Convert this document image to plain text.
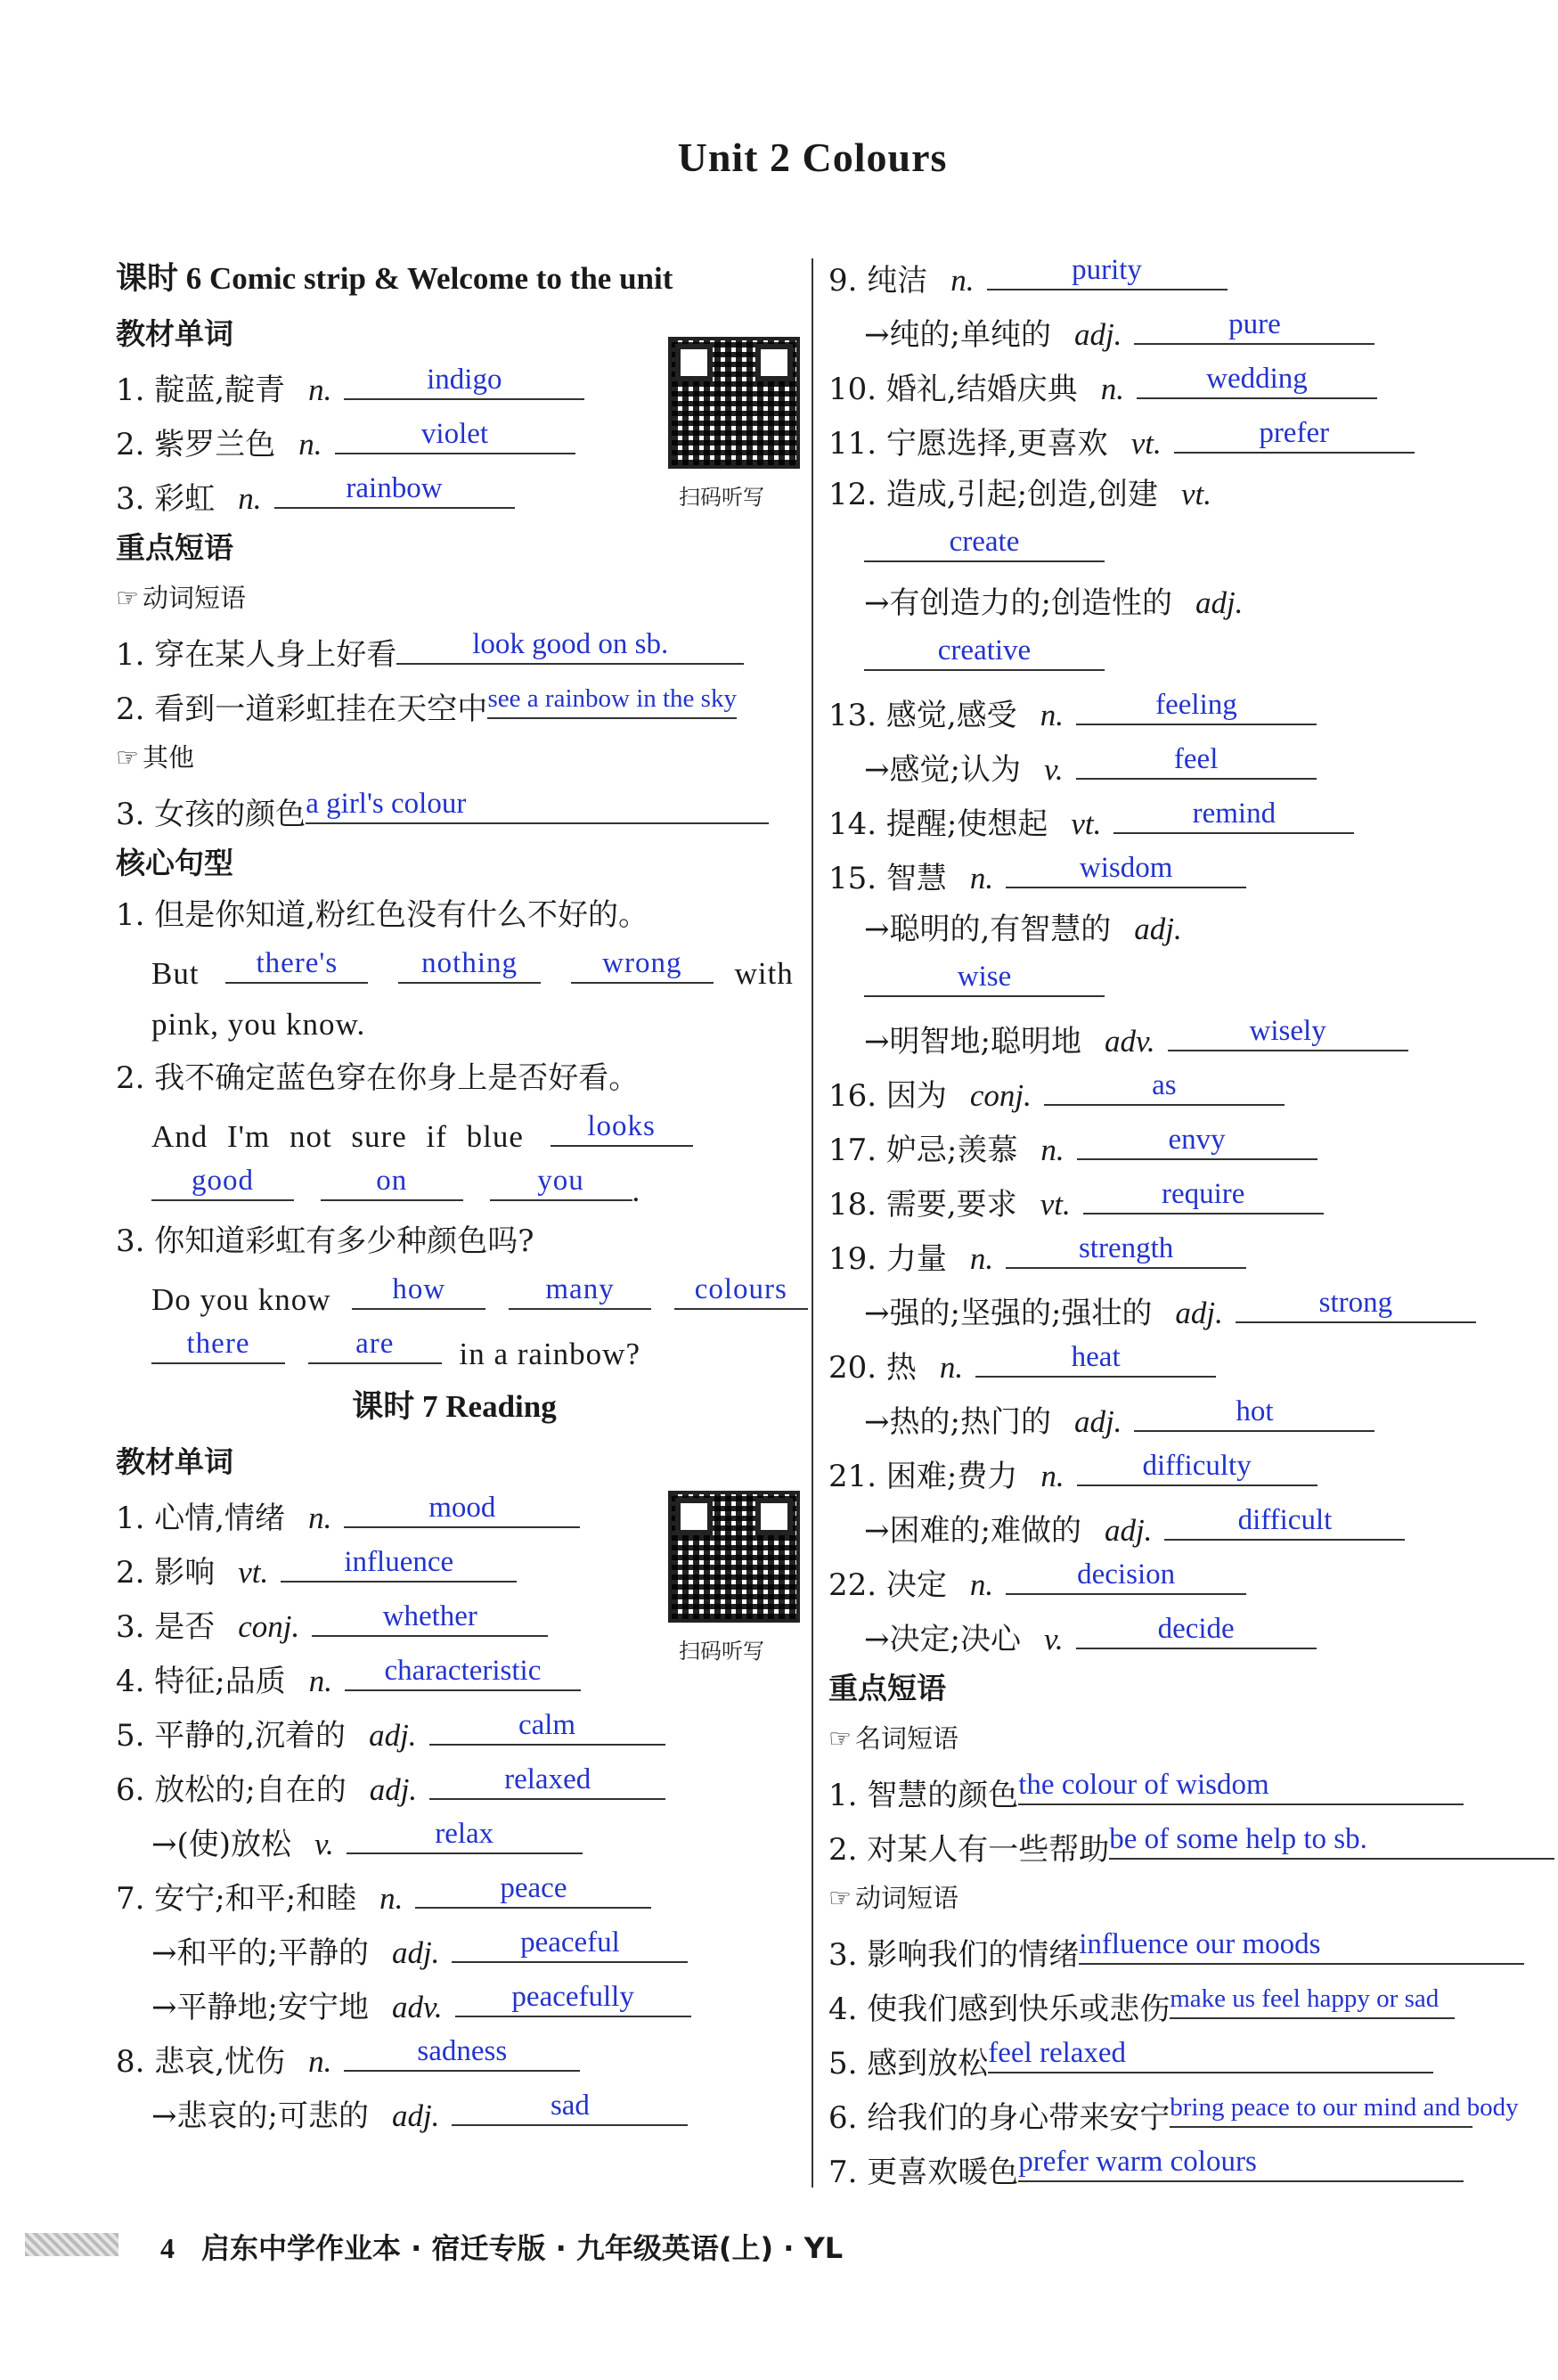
Unit 2 Colours
课时 6 Comic strip & Welcome to the unit
教材单词
1. 靛蓝,靛青 n.	indigo
2. 紫罗兰色 n.	violet
3. 彩虹 n.	rainbow
重点短语
☞ 动词短语
1. 穿在某人身上好看	look good on sb.
2. 看到一道彩虹挂在天空中 see a rainbow in the sky
☞ 其他
3. 女孩的颜色 a girl's colour
核心句型
1. 但是你知道,粉红色没有什么不好的。
But	there's
	nothing
	wrong	with
pink, you know.
2. 我不确定蓝色穿在你身上是否好看。
And I'm not sure if blue	looks
good
	on
	you	.
3. 你知道彩虹有多少种颜色吗?
Do you know	how
	many
	colours
there
	are	in a rainbow?
课时 7 Reading
教材单词
1. 心情,情绪 n.	mood
2. 影响 vt.	influence
3. 是否 conj.	whether
4. 特征;品质 n.	characteristic
5. 平静的,沉着的 adj.	calm
6. 放松的;自在的 adj.	relaxed
→(使)放松 v.	relax
7. 安宁;和平;和睦 n.	peace
→和平的;平静的 adj.	peaceful
→平静地;安宁地 adv.	peacefully
8. 悲哀,忧伤 n.	sadness
→悲哀的;可悲的 adj.	sad
扫码听写
扫码听写
9. 纯洁 n.	purity
→纯的;单纯的 adj.	pure
10. 婚礼,结婚庆典 n.	wedding
11. 宁愿选择,更喜欢 vt.	prefer
12. 造成,引起;创造,创建 vt.
create
→有创造力的;创造性的 adj.
creative
13. 感觉,感受 n.	feeling
→感觉;认为 v.	feel
14. 提醒;使想起 vt.	remind
15. 智慧 n.	wisdom
→聪明的,有智慧的 adj.
wise
→明智地;聪明地 adv.	wisely
16. 因为 conj.	as
17. 妒忌;羡慕 n.	envy
18. 需要,要求 vt.	require
19. 力量 n.	strength
→强的;坚强的;强壮的 adj.	strong
20. 热 n.	heat
→热的;热门的 adj.	hot
21. 困难;费力 n.	difficulty
→困难的;难做的 adj.	difficult
22. 决定 n.	decision
→决定;决心 v.	decide
重点短语
☞ 名词短语
1. 智慧的颜色 the colour of wisdom
2. 对某人有一些帮助 be of some help to sb.
☞ 动词短语
3. 影响我们的情绪 influence our moods
4. 使我们感到快乐或悲伤 make us feel happy or sad
5. 感到放松 feel relaxed
6. 给我们的身心带来安宁 bring peace to our mind and body
7. 更喜欢暖色 prefer warm colours
4 启东中学作业本 · 宿迁专版 · 九年级英语(上) · YL
